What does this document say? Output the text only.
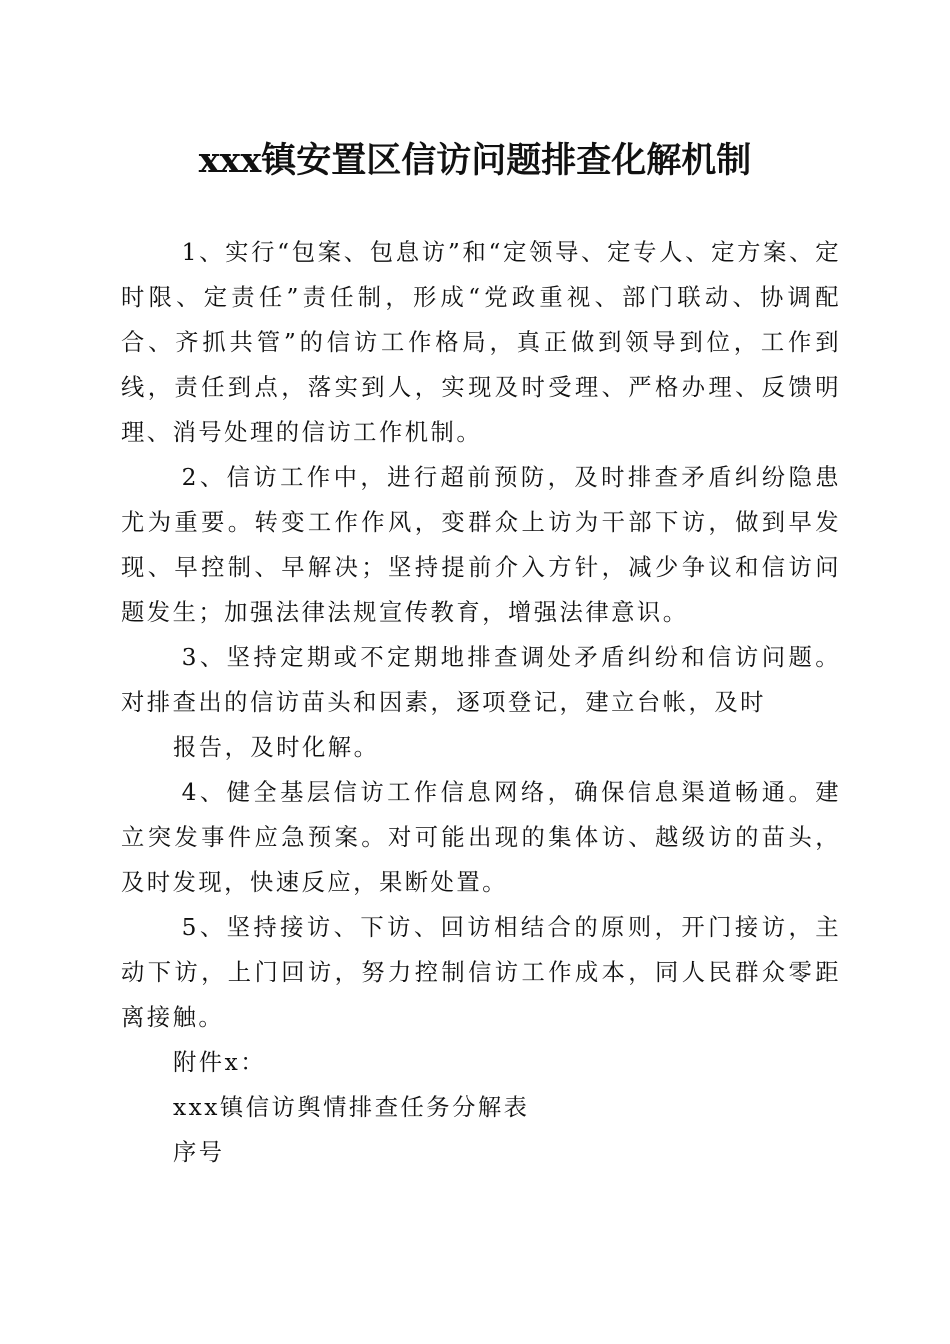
xxx镇安置区信访问题排查化解机制

1、实行“包案、包息访”和“定领导、定专人、定方案、定时限、定责任”责任制，形成“党政重视、部门联动、协调配合、齐抓共管”的信访工作格局，真正做到领导到位，工作到线，责任到点，落实到人，实现及时受理、严格办理、反馈明理、消号处理的信访工作机制。

2、信访工作中，进行超前预防，及时排查矛盾纠纷隐患尤为重要。转变工作作风，变群众上访为干部下访，做到早发现、早控制、早解决；坚持提前介入方针，减少争议和信访问题发生；加强法律法规宣传教育，增强法律意识。

3、坚持定期或不定期地排查调处矛盾纠纷和信访问题。对排查出的信访苗头和因素，逐项登记，建立台帐，及时

报告，及时化解。

4、健全基层信访工作信息网络，确保信息渠道畅通。建立突发事件应急预案。对可能出现的集体访、越级访的苗头，及时发现，快速反应，果断处置。

5、坚持接访、下访、回访相结合的原则，开门接访，主动下访，上门回访，努力控制信访工作成本，同人民群众零距离接触。

附件x：

xxx镇信访舆情排查任务分解表

序号
